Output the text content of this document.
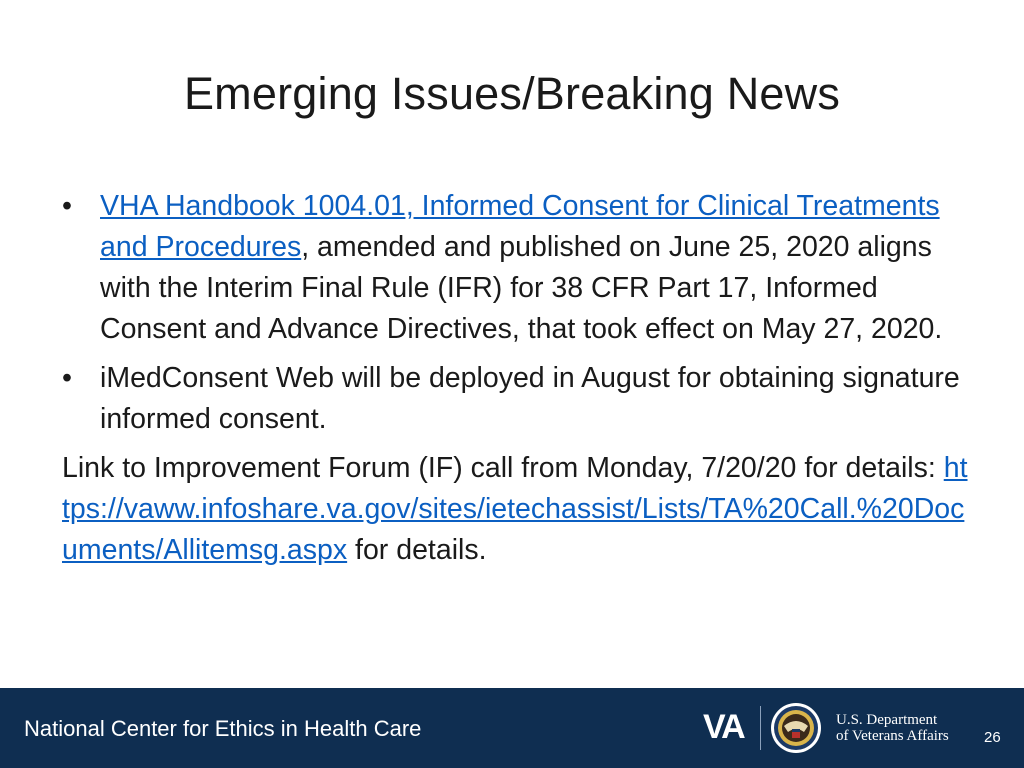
Emerging Issues/Breaking News
• VHA Handbook 1004.01, Informed Consent for Clinical Treatments and Procedures, amended and published on June 25, 2020 aligns with the Interim Final Rule (IFR) for 38 CFR Part 17, Informed Consent and Advance Directives, that took effect on May 27, 2020.
• iMedConsent Web will be deployed in August for obtaining signature informed consent.

Link to Improvement Forum (IF) call from Monday, 7/20/20 for details: https://vaww.infoshare.va.gov/sites/ietechassist/Lists/TA%20Call.%20Documents/Allitemsg.aspx for details.

National Center for Ethics in Health Care	VA	U.S. Department
of Veterans Affairs 26
